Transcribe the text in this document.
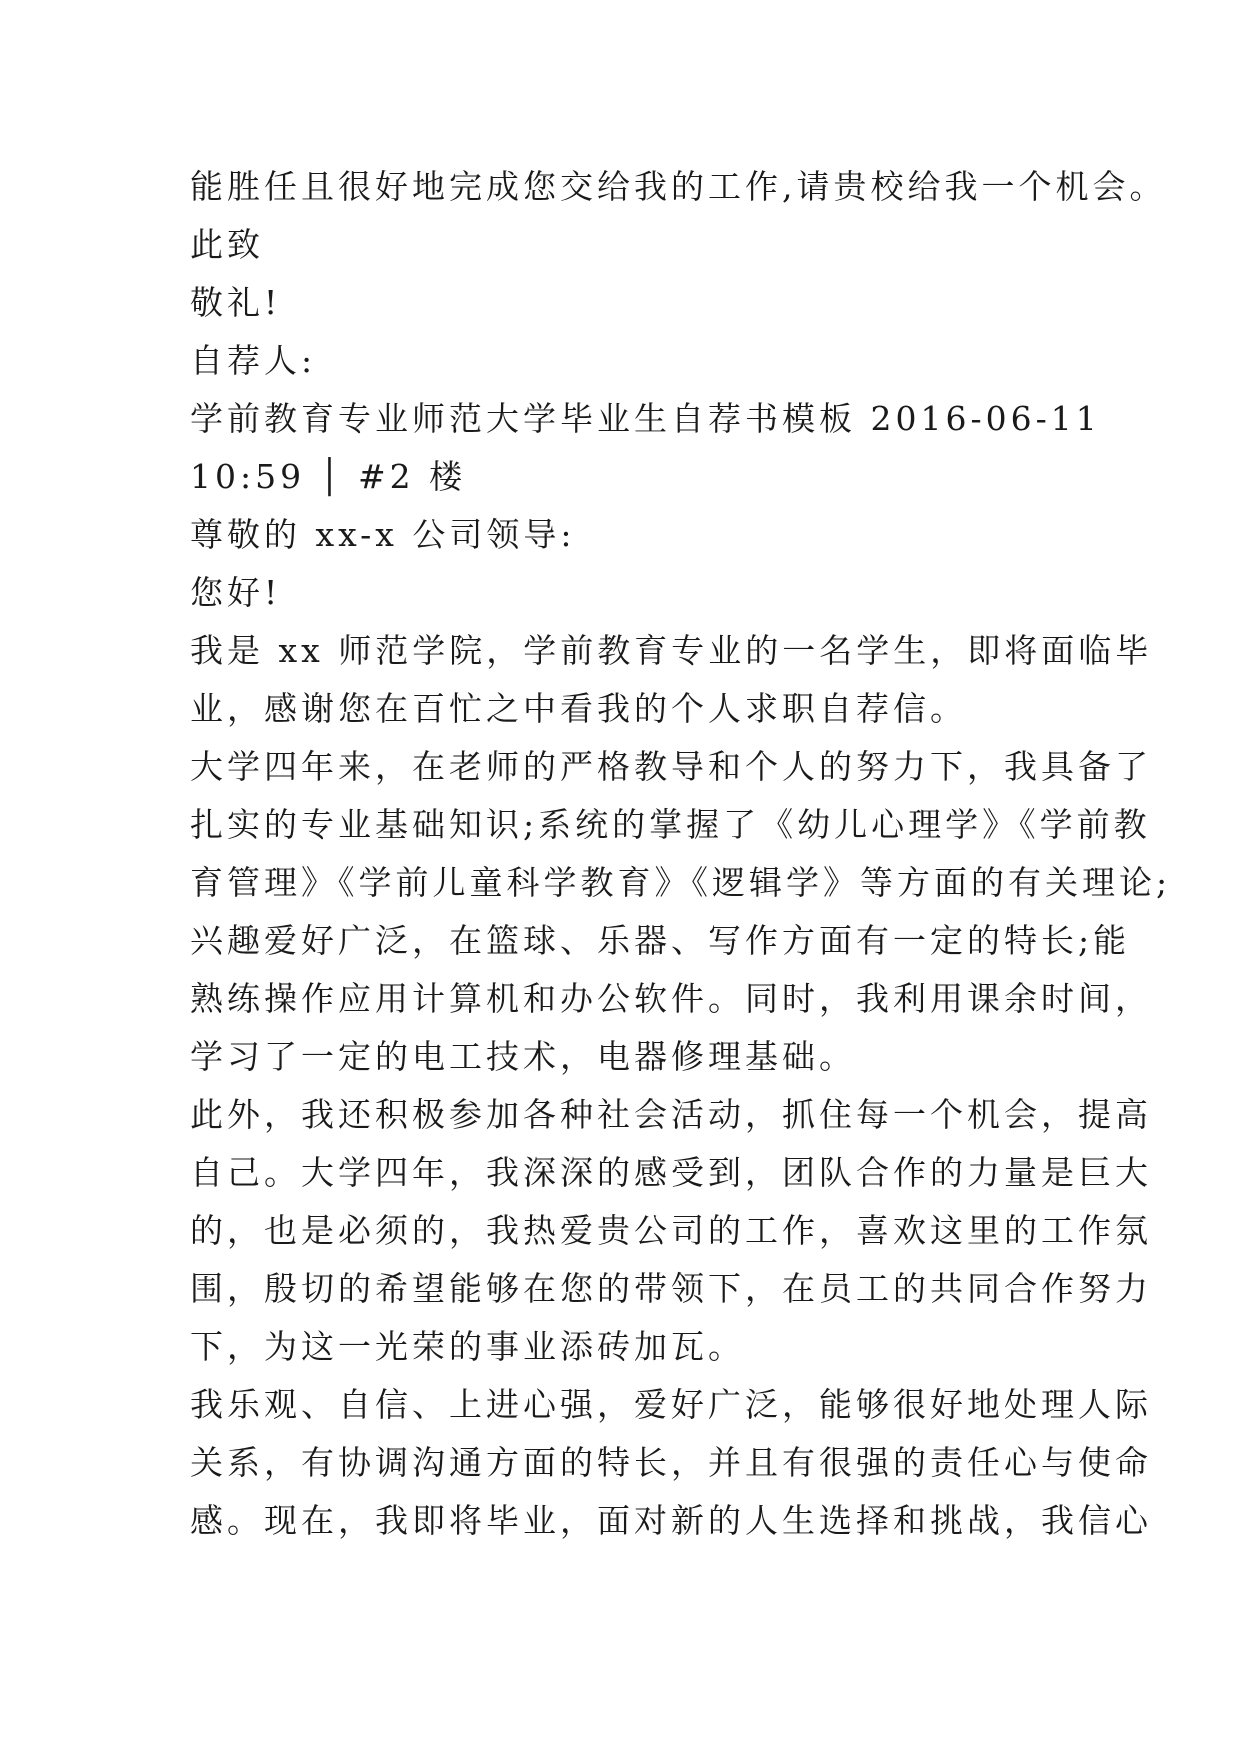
能胜任且很好地完成您交给我的工作,请贵校给我一个机会。
此致
敬礼!
自荐人:
学前教育专业师范大学毕业生自荐书模板 2016-06-11
10:59 │ #2 楼
尊敬的 xx-x 公司领导:
您好!
我是 xx 师范学院，学前教育专业的一名学生，即将面临毕
业，感谢您在百忙之中看我的个人求职自荐信。
大学四年来，在老师的严格教导和个人的努力下，我具备了
扎实的专业基础知识;系统的掌握了《幼儿心理学》《学前教
育管理》《学前儿童科学教育》《逻辑学》等方面的有关理论;
兴趣爱好广泛，在篮球、乐器、写作方面有一定的特长;能
熟练操作应用计算机和办公软件。同时，我利用课余时间，
学习了一定的电工技术，电器修理基础。
此外，我还积极参加各种社会活动，抓住每一个机会，提高
自己。大学四年，我深深的感受到，团队合作的力量是巨大
的，也是必须的，我热爱贵公司的工作，喜欢这里的工作氛
围，殷切的希望能够在您的带领下，在员工的共同合作努力
下，为这一光荣的事业添砖加瓦。
我乐观、自信、上进心强，爱好广泛，能够很好地处理人际
关系，有协调沟通方面的特长，并且有很强的责任心与使命
感。现在，我即将毕业，面对新的人生选择和挑战，我信心
